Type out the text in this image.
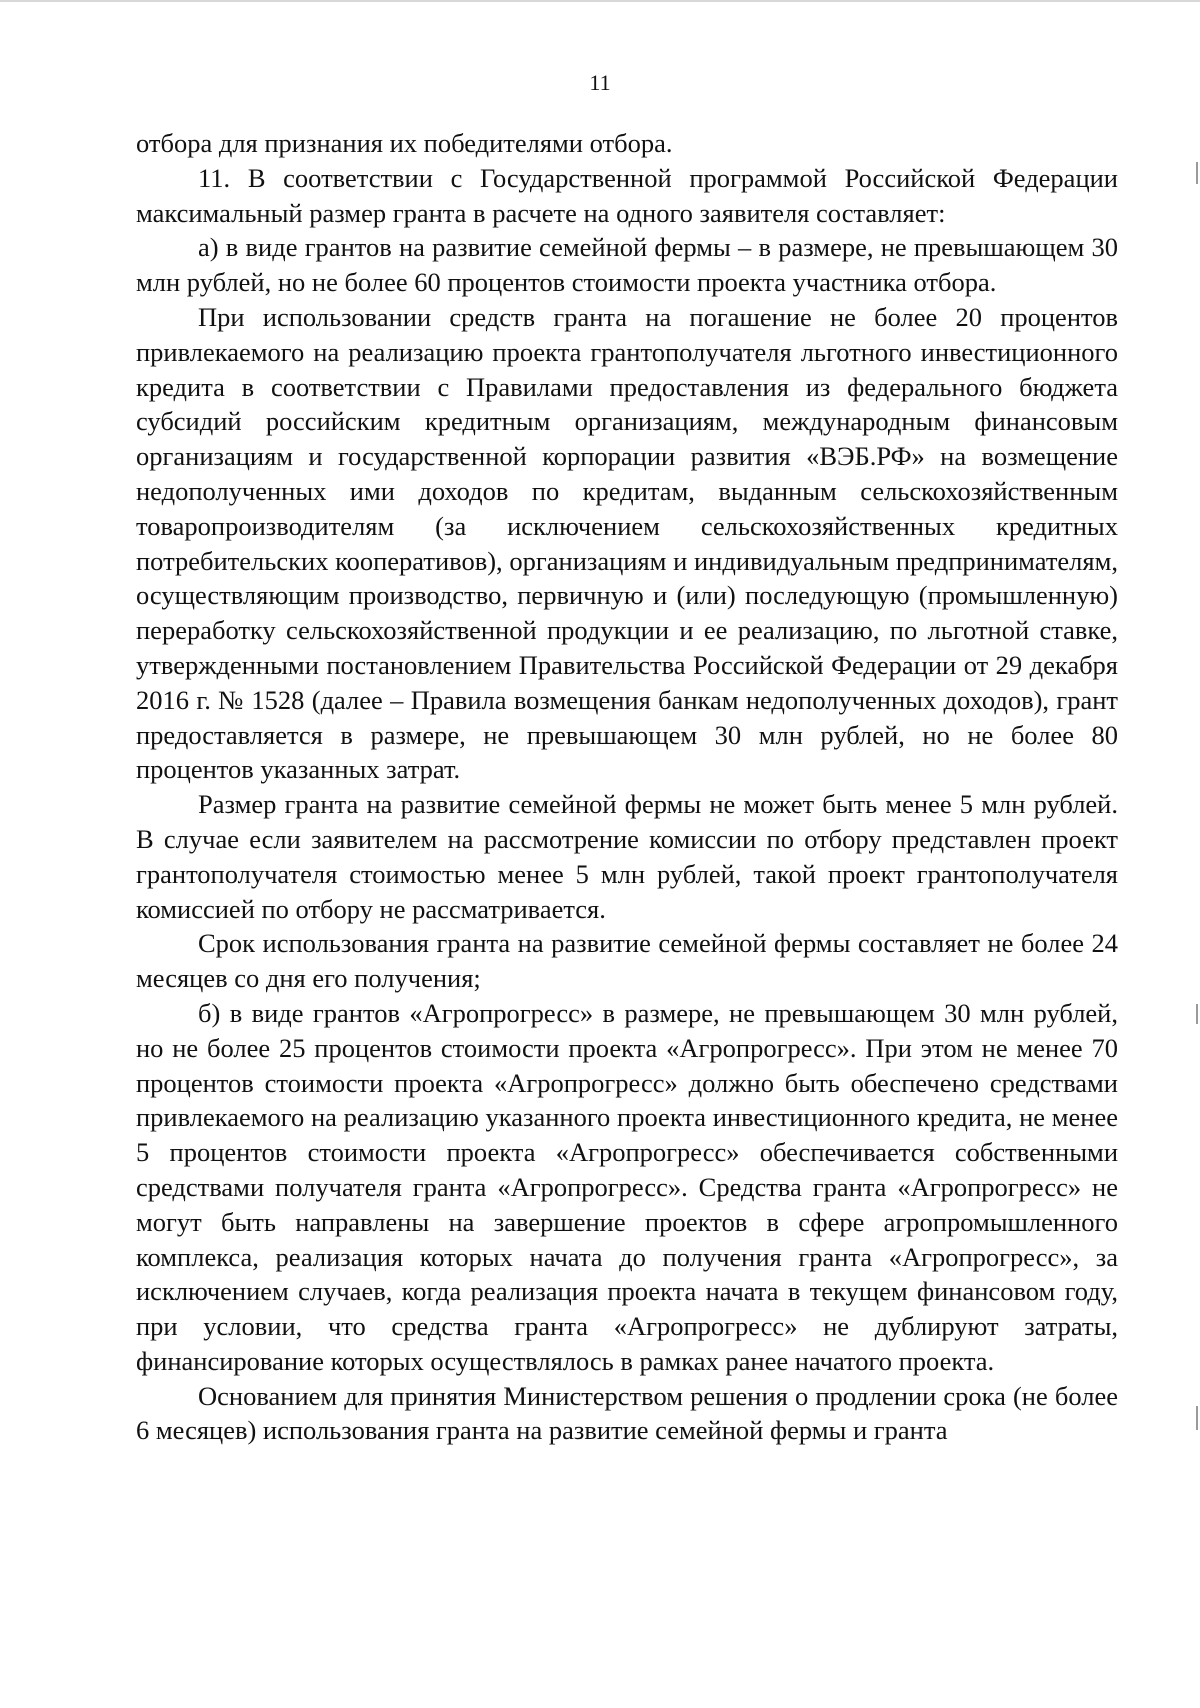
11

отбора для признания их победителями отбора.

11. В соответствии с Государственной программой Российской Федерации максимальный размер гранта в расчете на одного заявителя составляет:

а) в виде грантов на развитие семейной фермы – в размере, не превышающем 30 млн рублей, но не более 60 процентов стоимости проекта участника отбора.

При использовании средств гранта на погашение не более 20 процентов привлекаемого на реализацию проекта грантополучателя льготного инвестиционного кредита в соответствии с Правилами предоставления из федерального бюджета субсидий российским кредитным организациям, международным финансовым организациям и государственной корпорации развития «ВЭБ.РФ» на возмещение недополученных ими доходов по кредитам, выданным сельскохозяйственным товаропроизводителям (за исключением сельскохозяйственных кредитных потребительских кооперативов), организациям и индивидуальным предпринимателям, осуществляющим производство, первичную и (или) последующую (промышленную) переработку сельскохозяйственной продукции и ее реализацию, по льготной ставке, утвержденными постановлением Правительства Российской Федерации от 29 декабря 2016 г. № 1528 (далее – Правила возмещения банкам недополученных доходов), грант предоставляется в размере, не превышающем 30 млн рублей, но не более 80 процентов указанных затрат.

Размер гранта на развитие семейной фермы не может быть менее 5 млн рублей. В случае если заявителем на рассмотрение комиссии по отбору представлен проект грантополучателя стоимостью менее 5 млн рублей, такой проект грантополучателя комиссией по отбору не рассматривается.

Срок использования гранта на развитие семейной фермы составляет не более 24 месяцев со дня его получения;

б) в виде грантов «Агропрогресс» в размере, не превышающем 30 млн рублей, но не более 25 процентов стоимости проекта «Агропрогресс». При этом не менее 70 процентов стоимости проекта «Агропрогресс» должно быть обеспечено средствами привлекаемого на реализацию указанного проекта инвестиционного кредита, не менее 5 процентов стоимости проекта «Агропрогресс» обеспечивается собственными средствами получателя гранта «Агропрогресс». Средства гранта «Агропрогресс» не могут быть направлены на завершение проектов в сфере агропромышленного комплекса, реализация которых начата до получения гранта «Агропрогресс», за исключением случаев, когда реализация проекта начата в текущем финансовом году, при условии, что средства гранта «Агропрогресс» не дублируют затраты, финансирование которых осуществлялось в рамках ранее начатого проекта.

Основанием для принятия Министерством решения о продлении срока (не более 6 месяцев) использования гранта на развитие семейной фермы и гранта
